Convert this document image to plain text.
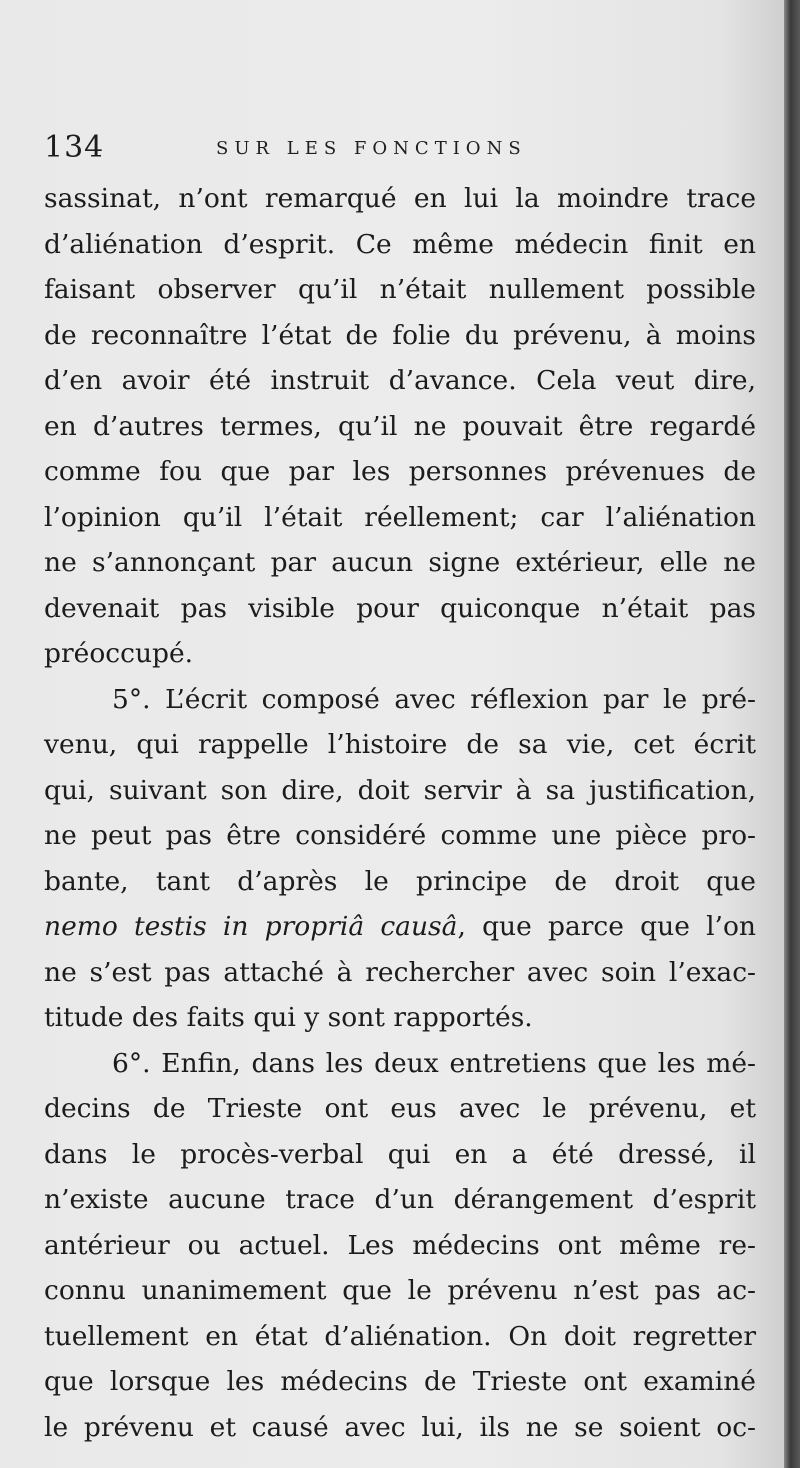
134	SUR LES FONCTIONS
sassinat, n’ont remarqué en lui la moindre trace
d’aliénation d’esprit. Ce même médecin finit en
faisant observer qu’il n’était nullement possible
de reconnaître l’état de folie du prévenu, à moins
d’en avoir été instruit d’avance. Cela veut dire,
en d’autres termes, qu’il ne pouvait être regardé
comme fou que par les personnes prévenues de
l’opinion qu’il l’était réellement; car l’aliénation
ne s’annonçant par aucun signe extérieur, elle ne
devenait pas visible pour quiconque n’était pas
préoccupé.
5°. L’écrit composé avec réflexion par le pré-
venu, qui rappelle l’histoire de sa vie, cet écrit
qui, suivant son dire, doit servir à sa justification,
ne peut pas être considéré comme une pièce pro-
bante, tant d’après le principe de droit que
nemo testis in propriâ causâ, que parce que l’on
ne s’est pas attaché à rechercher avec soin l’exac-
titude des faits qui y sont rapportés.
6°. Enfin, dans les deux entretiens que les mé-
decins de Trieste ont eus avec le prévenu, et
dans le procès-verbal qui en a été dressé, il
n’existe aucune trace d’un dérangement d’esprit
antérieur ou actuel. Les médecins ont même re-
connu unanimement que le prévenu n’est pas ac-
tuellement en état d’aliénation. On doit regretter
que lorsque les médecins de Trieste ont examiné
le prévenu et causé avec lui, ils ne se soient oc-
